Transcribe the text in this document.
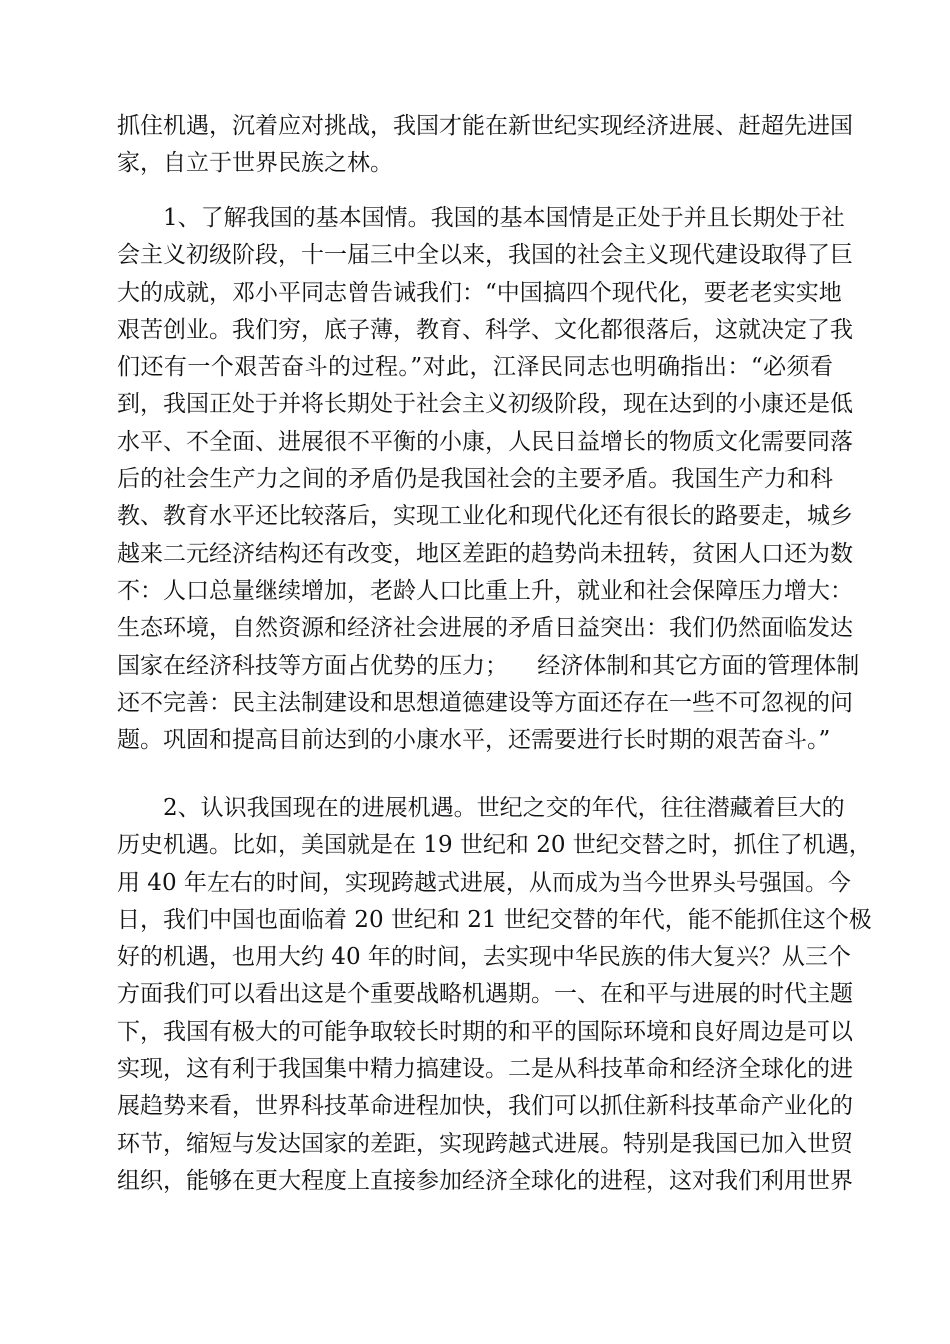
抓住机遇，沉着应对挑战，我国才能在新世纪实现经济进展、赶超先进国
家，自立于世界民族之林。
1、了解我国的基本国情。我国的基本国情是正处于并且长期处于社
会主义初级阶段，十一届三中全以来，我国的社会主义现代建设取得了巨
大的成就，邓小平同志曾告诫我们：“中国搞四个现代化，要老老实实地
艰苦创业。我们穷，底子薄，教育、科学、文化都很落后，这就决定了我
们还有一个艰苦奋斗的过程。”对此，江泽民同志也明确指出：“必须看
到，我国正处于并将长期处于社会主义初级阶段，现在达到的小康还是低
水平、不全面、进展很不平衡的小康，人民日益增长的物质文化需要同落
后的社会生产力之间的矛盾仍是我国社会的主要矛盾。我国生产力和科
教、教育水平还比较落后，实现工业化和现代化还有很长的路要走，城乡
越来二元经济结构还有改变，地区差距的趋势尚未扭转，贫困人口还为数
不：人口总量继续增加，老龄人口比重上升，就业和社会保障压力增大：
生态环境，自然资源和经济社会进展的矛盾日益突出：我们仍然面临发达
国家在经济科技等方面占优势的压力；    经济体制和其它方面的管理体制
还不完善：民主法制建设和思想道德建设等方面还存在一些不可忽视的问
题。巩固和提高目前达到的小康水平，还需要进行长时期的艰苦奋斗。”
2、认识我国现在的进展机遇。世纪之交的年代，往往潜藏着巨大的
历史机遇。比如，美国就是在 19 世纪和 20 世纪交替之时，抓住了机遇，
用 40 年左右的时间，实现跨越式进展，从而成为当今世界头号强国。今
日，我们中国也面临着 20 世纪和 21 世纪交替的年代，能不能抓住这个极
好的机遇，也用大约 40 年的时间，去实现中华民族的伟大复兴？从三个
方面我们可以看出这是个重要战略机遇期。一、在和平与进展的时代主题
下，我国有极大的可能争取较长时期的和平的国际环境和良好周边是可以
实现，这有利于我国集中精力搞建设。二是从科技革命和经济全球化的进
展趋势来看，世界科技革命进程加快，我们可以抓住新科技革命产业化的
环节，缩短与发达国家的差距，实现跨越式进展。特别是我国已加入世贸
组织，能够在更大程度上直接参加经济全球化的进程，这对我们利用世界
